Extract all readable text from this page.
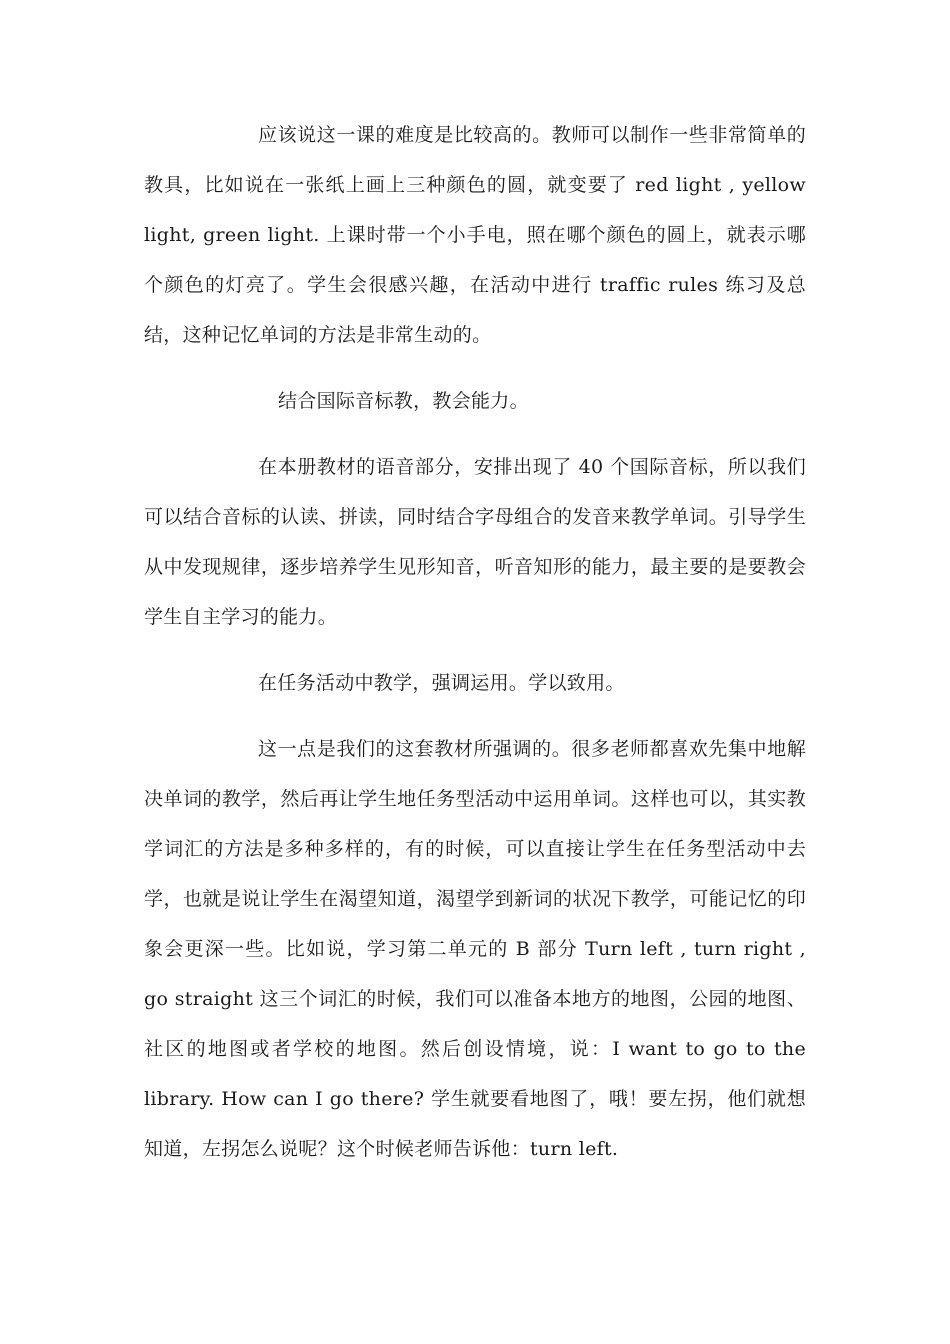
应该说这一课的难度是比较高的。教师可以制作一些非常简单的教具，比如说在一张纸上画上三种颜色的圆，就变要了 red light , yellow light, green light. 上课时带一个小手电，照在哪个颜色的圆上，就表示哪个颜色的灯亮了。学生会很感兴趣，在活动中进行 traffic rules 练习及总结，这种记忆单词的方法是非常生动的。

结合国际音标教，教会能力。

在本册教材的语音部分，安排出现了 40 个国际音标，所以我们可以结合音标的认读、拼读，同时结合字母组合的发音来教学单词。引导学生从中发现规律，逐步培养学生见形知音，听音知形的能力，最主要的是要教会学生自主学习的能力。

在任务活动中教学，强调运用。学以致用。

这一点是我们的这套教材所强调的。很多老师都喜欢先集中地解决单词的教学，然后再让学生地任务型活动中运用单词。这样也可以，其实教学词汇的方法是多种多样的，有的时候，可以直接让学生在任务型活动中去学，也就是说让学生在渴望知道，渴望学到新词的状况下教学，可能记忆的印象会更深一些。比如说，学习第二单元的 B 部分 Turn left , turn right , go straight 这三个词汇的时候，我们可以准备本地方的地图，公园的地图、社区的地图或者学校的地图。然后创设情境，说：I want to go to the library. How can I go there? 学生就要看地图了，哦！要左拐，他们就想知道，左拐怎么说呢？这个时候老师告诉他：turn left.
